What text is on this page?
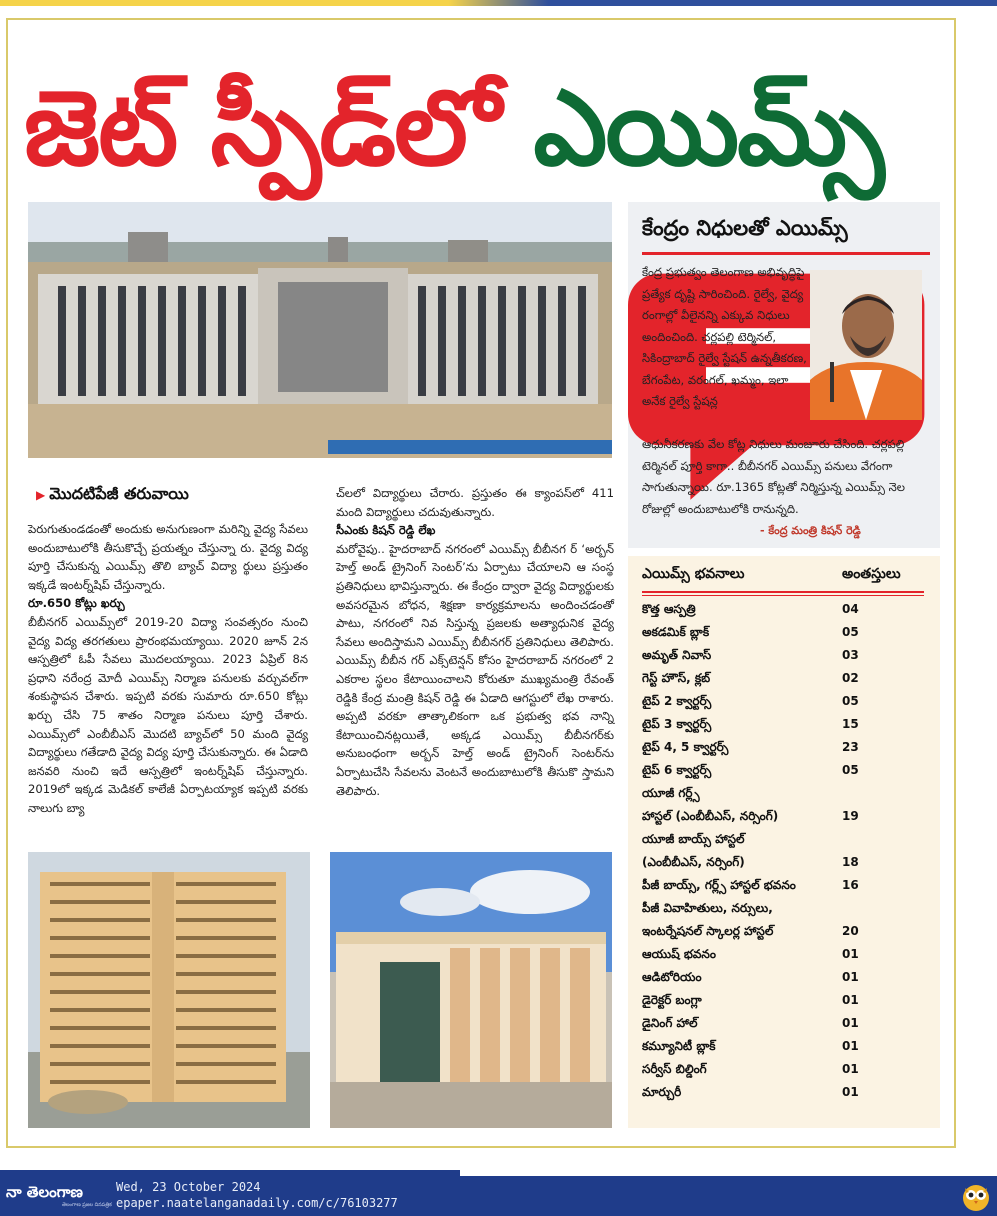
జెట్ స్పీడ్‌లో ఎయిమ్స్
▶ మొదటిపేజీ తరువాయి

పెరుగుతుండడంతో అందుకు అనుగుణంగా మరిన్ని వైద్య సేవలు అందుబాటులోకి తీసుకొచ్చే ప్రయత్నం చేస్తున్నా రు. వైద్య విద్య పూర్తి చేసుకున్న ఎయిమ్స్ తొలి బ్యాచ్ విద్యా ర్థులు ప్రస్తుతం ఇక్కడే ఇంటర్న్‌షిప్ చేస్తున్నారు.

రూ.650 కోట్లు ఖర్చు

బీబీనగర్ ఎయిమ్స్‌లో 2019-20 విద్యా సంవత్సరం నుంచి వైద్య విద్య తరగతులు ప్రారంభమయ్యాయి. 2020 జూన్ 2న ఆస్పత్రిలో ఓపీ సేవలు మొదలయ్యాయి. 2023 ఏప్రిల్ 8న ప్రధాని నరేంద్ర మోదీ ఎయిమ్స్ నిర్మాణ పనులకు వర్చువల్‌గా శంకుస్థాపన చేశారు. ఇప్పటి వరకు సుమారు రూ.650 కోట్లు ఖర్చు చేసి 75 శాతం నిర్మాణ పనులు పూర్తి చేశారు. ఎయిమ్స్‌లో ఎంబీబీఎస్ మొదటి బ్యాచ్‌లో 50 మంది వైద్య విద్యార్థులు గతేడాది వైద్య విద్య పూర్తి చేసుకున్నారు. ఈ ఏడాది జనవరి నుంచి ఇదే ఆస్పత్రిలో ఇంటర్న్‌షిప్ చేస్తున్నారు. 2019లో ఇక్కడ మెడికల్ కాలేజీ ఏర్పాటయ్యాక ఇప్పటి వరకు నాలుగు బ్యా

చ్‌లలో విద్యార్థులు చేరారు. ప్రస్తుతం ఈ క్యాంపస్‌లో 411 మంది విద్యార్థులు చదువుతున్నారు.

సీఎంకు కిషన్ రెడ్డి లేఖ

మరోవైపు.. హైదరాబాద్ నగరంలో ఎయిమ్స్ బీబీనగ ర్ ‘అర్బన్ హెల్త్ అండ్ ట్రైనింగ్ సెంటర్’ను ఏర్పాటు చేయాలని ఆ సంస్థ ప్రతినిధులు భావిస్తున్నారు. ఈ కేంద్రం ద్వారా వైద్య విద్యార్థులకు అవసరమైన బోధన, శిక్షణా కార్యక్రమాలను అందించడంతో పాటు, నగరంలో నివ సిస్తున్న ప్రజలకు అత్యాధునిక వైద్య సేవలు అందిస్తామని ఎయిమ్స్ బీబీనగర్ ప్రతినిధులు తెలిపారు. ఎయిమ్స్ బీబీన గర్ ఎక్స్‌టెన్షన్ కోసం హైదరాబాద్ నగరంలో 2 ఎకరాల స్థలం కేటాయించాలని కోరుతూ ముఖ్యమంత్రి రేవంత్ రెడ్డికి కేంద్ర మంత్రి కిషన్ రెడ్డి ఈ ఏడాది ఆగస్టులో లేఖ రాశారు. అప్పటి వరకూ తాత్కాలికంగా ఒక ప్రభుత్వ భవ నాన్ని కేటాయించినట్లయితే, అక్కడ ఎయిమ్స్ బీబీనగర్‌కు అనుబంధంగా అర్బన్ హెల్త్ అండ్ ట్రైనింగ్ సెంటర్‌ను ఏర్పాటుచేసి సేవలను వెంటనే అందుబాటులోకి తీసుకొ స్తామని తెలిపారు.

కేంద్రం నిధులతో ఎయిమ్స్
కేంద్ర ప్రభుత్వం తెలంగాణ అభివృద్ధిపై ప్రత్యేక దృష్టి సారించింది. రైల్వే, వైద్య రంగాల్లో వీలైనన్ని ఎక్కువ నిధులు అందించింది. చర్లపల్లి టెర్మినల్, సికింద్రాబాద్ రైల్వే స్టేషన్ ఉన్నతీకరణ, బేగంపేట, వరంగల్, ఖమ్మం, ఇలా అనేక రైల్వే స్టేషన్ల
ఆధునీకరణకు వేల కోట్ల నిధులు మంజూరు చేసింది. చర్లపల్లి టెర్మినల్ పూర్తి కాగా.. బీబీనగర్ ఎయిమ్స్ పనులు వేగంగా సాగుతున్నాయి. రూ.1365 కోట్లతో నిర్మిస్తున్న ఎయిమ్స్ నెల రోజుల్లో అందుబాటులోకి రానున్నది.
- కేంద్ర మంత్రి కిషన్ రెడ్డి
ఎయిమ్స్ భవనాలు	అంతస్తులు
కొత్త ఆస్పత్రి	04
అకడమిక్ బ్లాక్	05
అమృత్ నివాస్	03
గెస్ట్ హౌస్, క్లబ్	02
టైప్ 2 క్వార్టర్స్	05
టైప్ 3 క్వార్టర్స్	15
టైప్ 4, 5 క్వార్టర్స్	23
టైప్ 6 క్వార్టర్స్	05
యూజీ గర్ల్స్
హాస్టల్ (ఎంబీబీఎస్, నర్సింగ్)	19
యూజీ బాయ్స్ హాస్టల్
(ఎంబీబీఎస్, నర్సింగ్)	18
పీజీ బాయ్స్, గర్ల్స్ హాస్టల్ భవనం	16
పీజీ వివాహితులు, నర్సులు,
ఇంటర్నేషనల్ స్కాలర్ల హాస్టల్	20
ఆయుష్ భవనం	01
ఆడిటోరియం	01
డైరెక్టర్ బంగ్లా	01
డైనింగ్ హాల్	01
కమ్యూనిటీ బ్లాక్	01
సర్వీస్ బిల్డింగ్	01
మార్చురీ	01
నా తెలంగాణ
తెలంగాణ ప్రజల దినపత్రిక
Wed, 23 October 2024
epaper.naatelanganadaily.com/c/76103277
